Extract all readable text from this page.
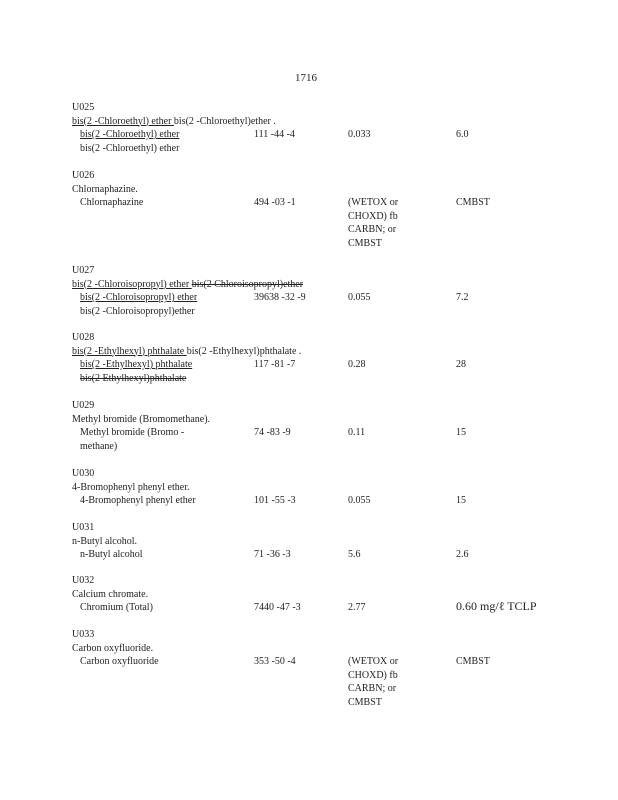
1716
U025
bis(2 -Chloroethyl) ether bis(2 -Chloroethyl)ether .
bis(2 -Chloroethyl) ether	111 -44 -4	0.033	6.0
bis(2 -Chloroethyl) ether
U026
Chlornaphazine.
Chlornaphazine	494 -03 -1	(WETOX or	CMBST
CHOXD) fb
CARBN; or
CMBST
U027
bis(2 -Chloroisopropyl) ether bis(2 Chloroisopropyl)ether
bis(2 -Chloroisopropyl) ether	39638 -32 -9	0.055	7.2
bis(2 -Chloroisopropyl)ether
U028
bis(2 -Ethylhexyl) phthalate bis(2 -Ethylhexyl)phthalate .
bis(2 -Ethylhexyl) phthalate	117 -81 -7	0.28	28
bis(2 Ethylhexyl)phthalate
U029
Methyl bromide (Bromomethane).
Methyl bromide (Bromo -	74 -83 -9	0.11	15
methane)
U030
4-Bromophenyl phenyl ether.
4-Bromophenyl phenyl ether	101 -55 -3	0.055	15
U031
n-Butyl alcohol.
n-Butyl alcohol	71 -36 -3	5.6	2.6
U032
Calcium chromate.
Chromium (Total)	7440 -47 -3	2.77	0.60 mg/ℓ TCLP
U033
Carbon oxyfluoride.
Carbon oxyfluoride	353 -50 -4	(WETOX or	CMBST
CHOXD) fb
CARBN; or
CMBST
